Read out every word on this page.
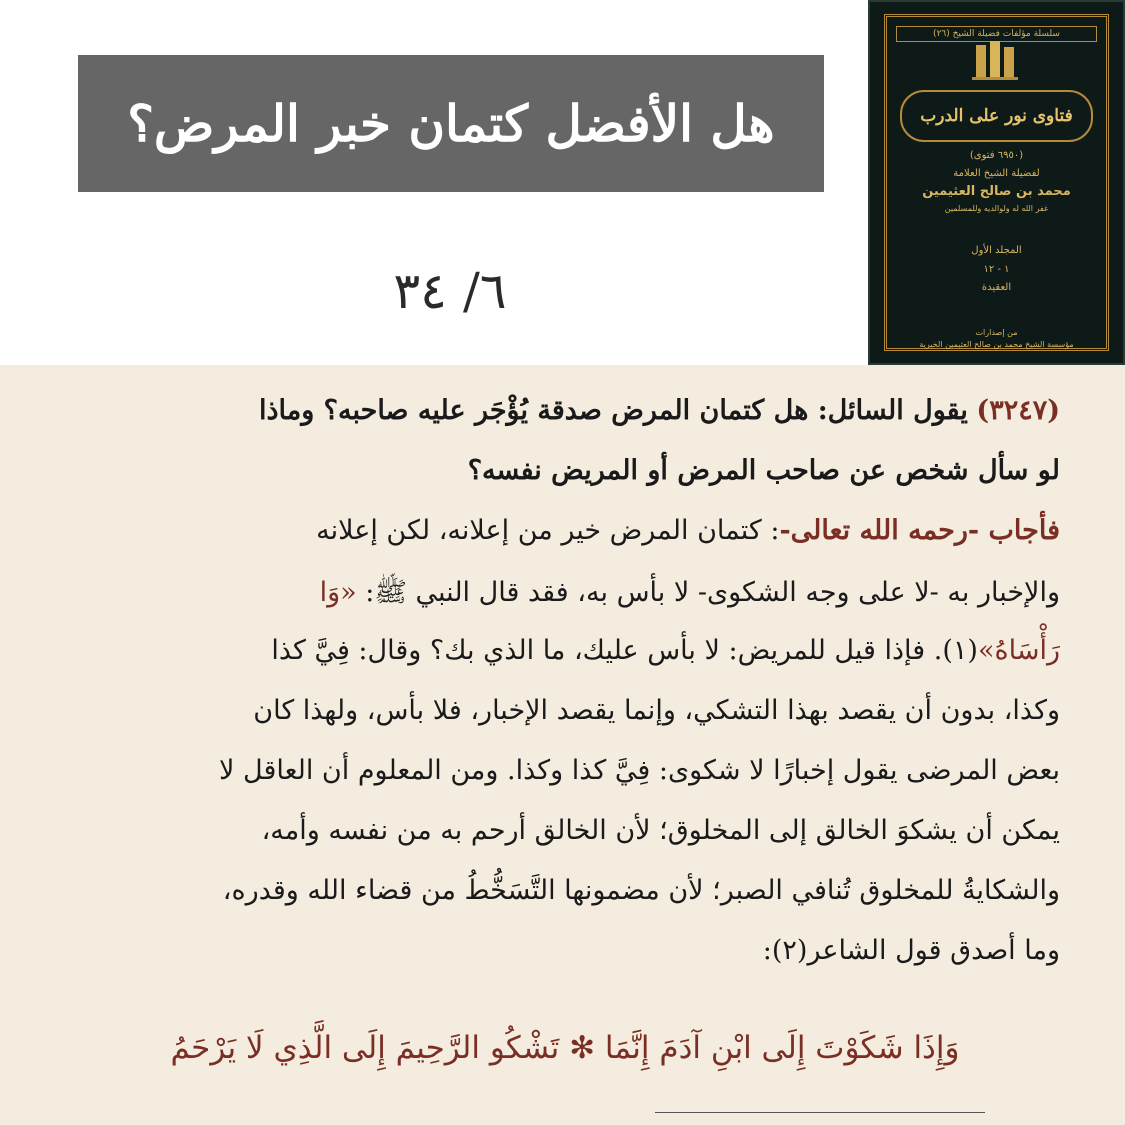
هل الأفضل كتمان خبر المرض؟
٦/ ٣٤
سلسلة مؤلفات فضيلة الشيخ (٢٦)
فتاوى نور على الدرب
(٦٩٥٠ فتوى)
لفضيلة الشيخ العلامة
محمد بن صالح العثيمين
غفر الله له ولوالديه وللمسلمين
المجلد الأول
١ - ١٢
العقيدة
من إصدارات
مؤسسة الشيخ محمد بن صالح العثيمين الخيرية
(٣٢٤٧) يقول السائل: هل كتمان المرض صدقة يُؤْجَر عليه صاحبه؟ وماذا
لو سأل شخص عن صاحب المرض أو المريض نفسه؟
فأجاب -رحمه الله تعالى-: كتمان المرض خير من إعلانه، لكن إعلانه
والإخبار به -لا على وجه الشكوى- لا بأس به، فقد قال النبي ﷺ: «وَا
رَأْسَاهُ»(١). فإذا قيل للمريض: لا بأس عليك، ما الذي بك؟ وقال: فِيَّ كذا
وكذا، بدون أن يقصد بهذا التشكي، وإنما يقصد الإخبار، فلا بأس، ولهذا كان
بعض المرضى يقول إخبارًا لا شكوى: فِيَّ كذا وكذا. ومن المعلوم أن العاقل لا
يمكن أن يشكوَ الخالق إلى المخلوق؛ لأن الخالق أرحم به من نفسه وأمه،
والشكايةُ للمخلوق تُنافي الصبر؛ لأن مضمونها التَّسَخُّطُ من قضاء الله وقدره،
وما أصدق قول الشاعر(٢):
وَإِذَا شَكَوْتَ إِلَى ابْنِ آدَمَ إِنَّمَا ✻ تَشْكُو الرَّحِيمَ إِلَى الَّذِي لَا يَرْحَمُ
